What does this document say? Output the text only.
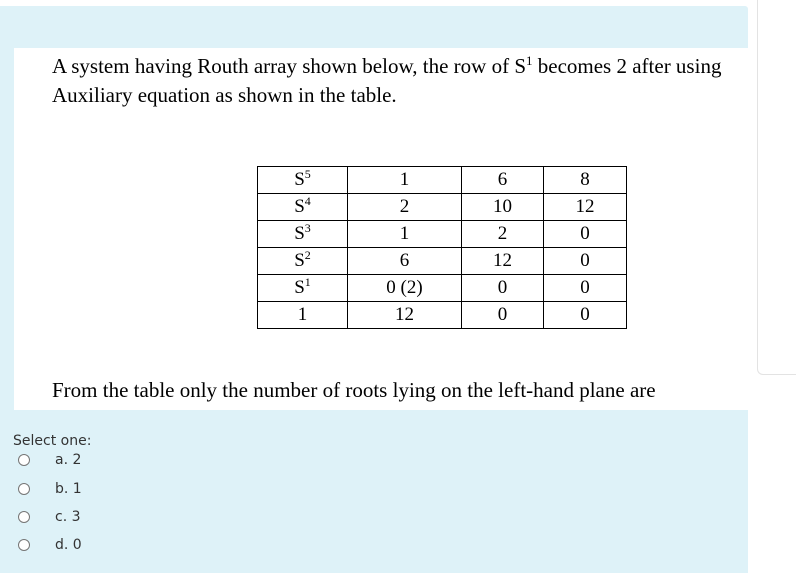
A system having Routh array shown below, the row of $S^1$ becomes 2 after using
Auxiliary equation as shown in the table.
$S^5$	1	6	8
$S^4$	2	10	12
$S^3$	1	2	0
$S^2$	6	12	0
$S^1$	0 (2)	0	0
1	12	0	0
From the table only the number of roots lying on the left-hand plane are
Select one:
a. 2
b. 1
c. 3
d. 0
